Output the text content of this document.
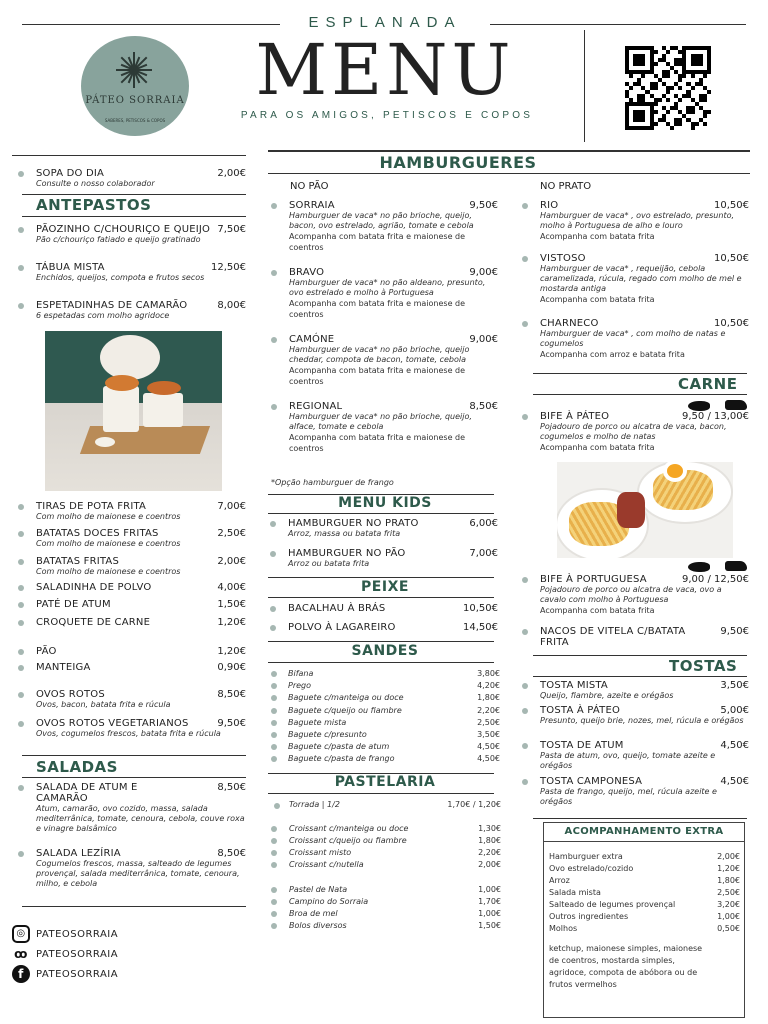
ESPLANADA
MENU
PARA OS AMIGOS, PETISCOS E COPOS
PÁTEO SORRAIA
SABERES, PETISCOS & COPOS
SOPA DO DIA	2,00€
Consulte o nosso colaborador
ANTEPASTOS
SALADAS
◎ PATEOSORRAIA
ꝏ PATEOSORRAIA
f PATEOSORRAIA
HAMBURGUERES
NO PÃO	NO PRATO
*Opção hamburguer de frango
MENU KIDS
PEIXE
SANDES
PASTELARIA
Torrada | 1/2	1,70€ / 1,20€
CARNE
TOSTAS
ACOMPANHAMENTO EXTRA
Hamburguer extra	2,00€
Ovo estrelado/cozido	1,20€
Arroz	1,80€
Salada mista	2,50€
Salteado de legumes provençal	3,20€
Outros ingredientes	1,00€
Molhos	0,50€
ketchup, maionese simples, maionese de coentros, mostarda simples, agridoce, compota de abóbora ou de frutos vermelhos
PÃOZINHO C/CHOURIÇO E QUEIJO 7,50€
Pão c/chouriço fatiado e queijo gratinado
TÁBUA MISTA	12,50€
Enchidos, queijos, compota e frutos secos
ESPETADINHAS DE CAMARÃO	8,00€
6 espetadas com molho agridoce
TIRAS DE POTA FRITA	7,00€
Com molho de maionese e coentros
BATATAS DOCES FRITAS	2,50€
Com molho de maionese e coentros
BATATAS FRITAS	2,00€
Com molho de maionese e coentros
SALADINHA DE POLVO	4,00€
PATÉ DE ATUM	1,50€
CROQUETE DE CARNE	1,20€
PÃO	1,20€
MANTEIGA	0,90€
OVOS ROTOS	8,50€
Ovos, bacon, batata frita e rúcula
OVOS ROTOS VEGETARIANOS	9,50€
Ovos, cogumelos frescos, batata frita e rúcula
SALADA DE ATUM E CAMARÃO
8,50€
Atum, camarão, ovo cozido, massa, salada mediterrânica, tomate, cenoura, cebola, couve roxa e vinagre balsâmico
SALADA LEZÍRIA	8,50€
Cogumelos frescos, massa, salteado de legumes provençal, salada mediterrânica, tomate, cenoura, milho, e cebola
SORRAIA	9,50€
Hamburguer de vaca* no pão brioche, queijo, bacon, ovo estrelado, agrião, tomate e cebola
Acompanha com batata frita e maionese de coentros
BRAVO	9,00€
Hamburguer de vaca* no pão aldeano, presunto, ovo estrelado e molho à Portuguesa
Acompanha com batata frita e maionese de coentros
CAMÓNE	9,00€
Hamburguer de vaca* no pão brioche, queijo cheddar, compota de bacon, tomate, cebola
Acompanha com batata frita e maionese de coentros
REGIONAL	8,50€
Hamburguer de vaca* no pão brioche, queijo, alface, tomate e cebola
Acompanha com batata frita e maionese de coentros
RIO	10,50€
Hamburguer de vaca* , ovo estrelado, presunto, molho à Portuguesa de alho e louro
Acompanha com batata frita
VISTOSO	10,50€
Hamburguer de vaca* , requeijão, cebola caramelizada, rúcula, regado com molho de mel e mostarda antiga
Acompanha com batata frita
CHARNECO	10,50€
Hamburguer de vaca* , com molho de natas e cogumelos
Acompanha com arroz e batata frita
HAMBURGUER NO PRATO	6,00€
Arroz, massa ou batata frita
HAMBURGUER NO PÃO	7,00€
Arroz ou batata frita
BACALHAU À BRÁS	10,50€
POLVO À LAGAREIRO	14,50€
Bifana	3,80€
Prego	4,20€
Baguete c/manteiga ou doce	1,80€
Baguete c/queijo ou fiambre	2,20€
Baguete mista	2,50€
Baguete c/presunto	3,50€
Baguete c/pasta de atum	4,50€
Baguete c/pasta de frango	4,50€
Croissant c/manteiga ou doce	1,30€
Croissant c/queijo ou fiambre	1,80€
Croissant misto	2,20€
Croissant c/nutella	2,00€
Pastel de Nata	1,00€
Campino do Sorraia	1,70€
Broa de mel	1,00€
Bolos diversos	1,50€
BIFE À PÁTEO	9,50 / 13,00€
Pojadouro de porco ou alcatra de vaca, bacon, cogumelos e molho de natas
Acompanha com batata frita
BIFE À PORTUGUESA	9,00 / 12,50€
Pojadouro de porco ou alcatra de vaca, ovo a cavalo com molho à Portuguesa
Acompanha com batata frita
NACOS DE VITELA C/BATATA FRITA
9,50€
TOSTA MISTA	3,50€
Queijo, fiambre, azeite e orégãos
TOSTA À PÁTEO	5,00€
Presunto, queijo brie, nozes, mel, rúcula e orégãos
TOSTA DE ATUM	4,50€
Pasta de atum, ovo, queijo, tomate azeite e orégãos
TOSTA CAMPONESA	4,50€
Pasta de frango, queijo, mel, rúcula azeite e orégãos
